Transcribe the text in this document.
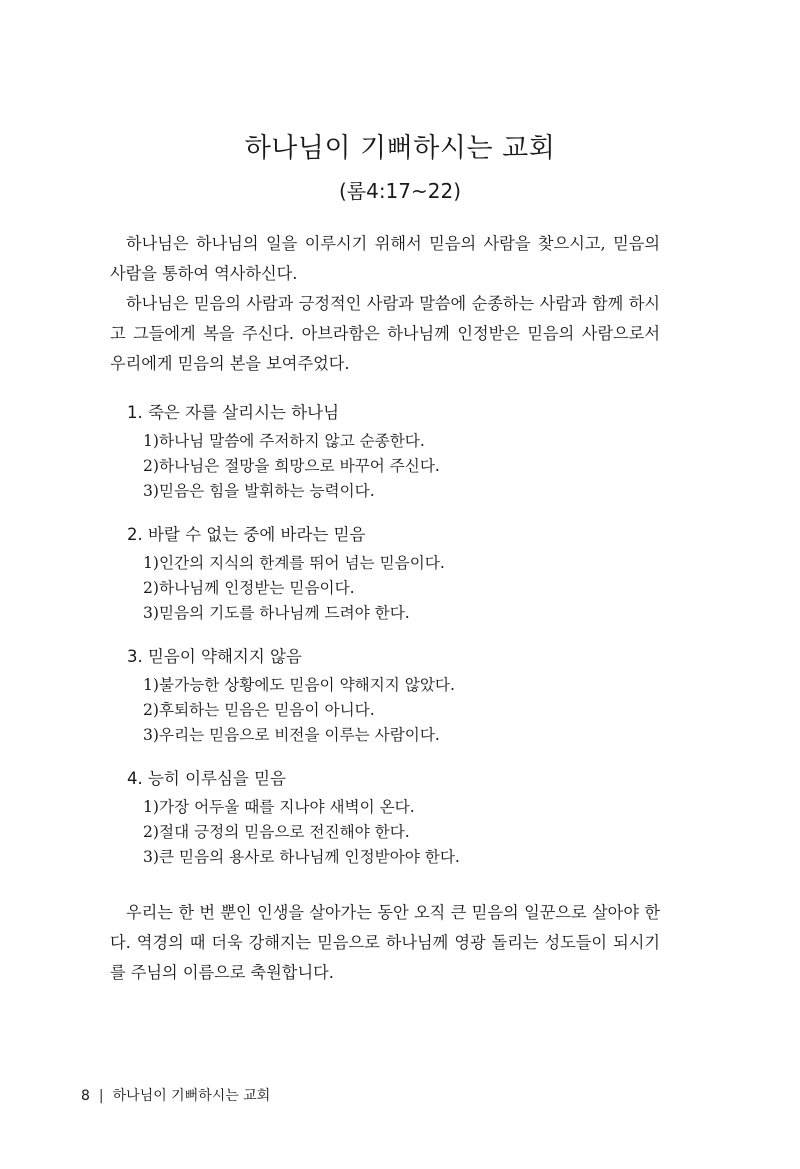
하나님이 기뻐하시는 교회

(롬4:17~22)

하나님은 하나님의 일을 이루시기 위해서 믿음의 사람을 찾으시고, 믿음의 사람을 통하여 역사하신다.

하나님은 믿음의 사람과 긍정적인 사람과 말씀에 순종하는 사람과 함께 하시고 그들에게 복을 주신다. 아브라함은 하나님께 인정받은 믿음의 사람으로서 우리에게 믿음의 본을 보여주었다.

1. 죽은 자를 살리시는 하나님

1)하나님 말씀에 주저하지 않고 순종한다.

2)하나님은 절망을 희망으로 바꾸어 주신다.

3)믿음은 힘을 발휘하는 능력이다.

2. 바랄 수 없는 중에 바라는 믿음

1)인간의 지식의 한계를 뛰어 넘는 믿음이다.

2)하나님께 인정받는 믿음이다.

3)믿음의 기도를 하나님께 드려야 한다.

3. 믿음이 약해지지 않음

1)불가능한 상황에도 믿음이 약해지지 않았다.

2)후퇴하는 믿음은 믿음이 아니다.

3)우리는 믿음으로 비전을 이루는 사람이다.

4. 능히 이루심을 믿음

1)가장 어두울 때를 지나야 새벽이 온다.

2)절대 긍정의 믿음으로 전진해야 한다.

3)큰 믿음의 용사로 하나님께 인정받아야 한다.

우리는 한 번 뿐인 인생을 살아가는 동안 오직 큰 믿음의 일꾼으로 살아야 한다. 역경의 때 더욱 강해지는 믿음으로 하나님께 영광 돌리는 성도들이 되시기를 주님의 이름으로 축원합니다.

8 | 하나님이 기뻐하시는 교회
